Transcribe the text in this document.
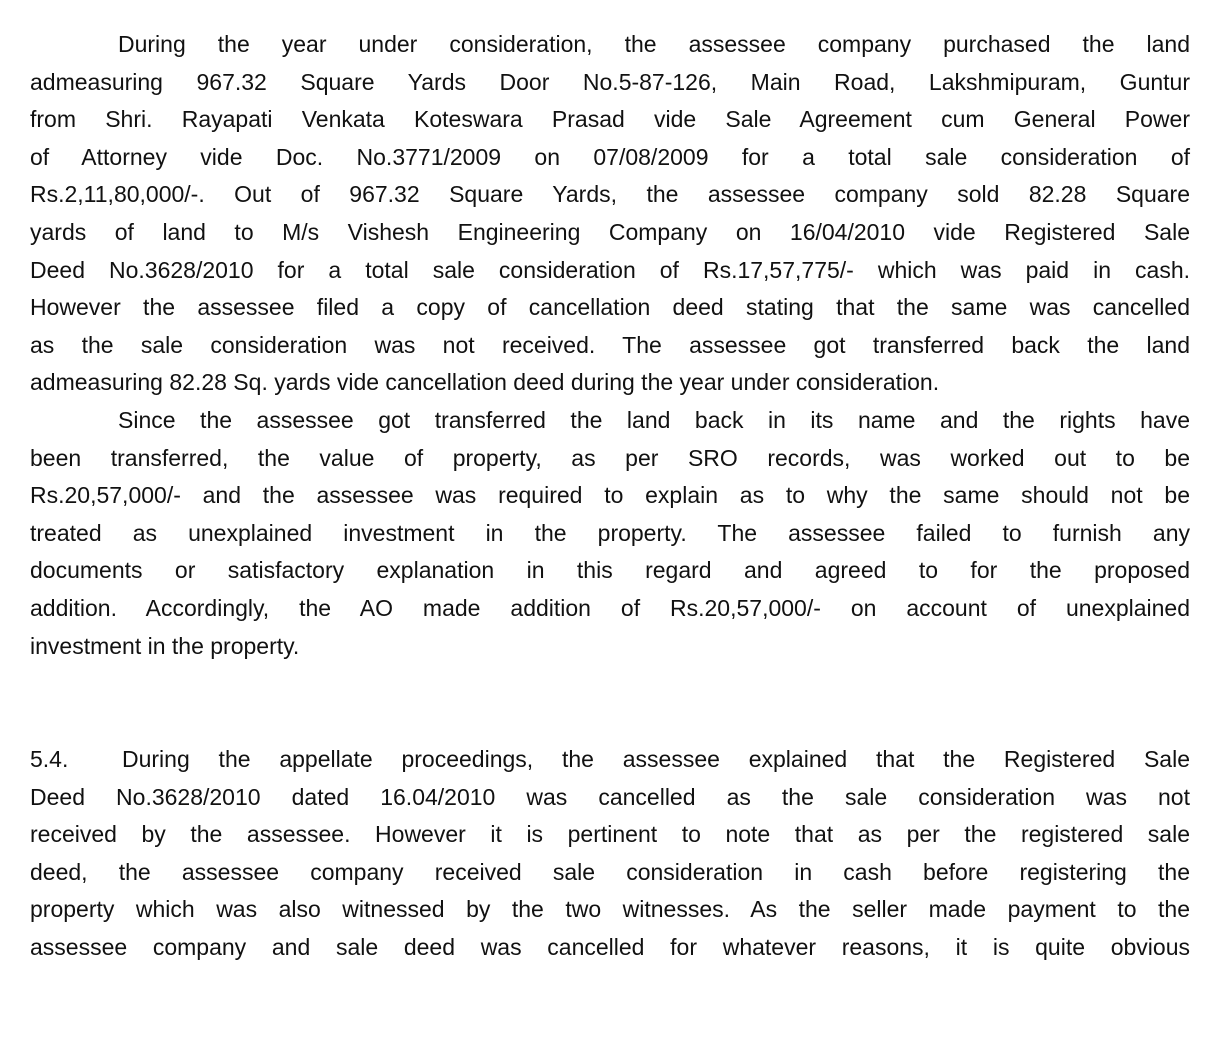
During the year under consideration, the assessee company purchased the land
admeasuring 967.32 Square Yards Door No.5-87-126, Main Road, Lakshmipuram, Guntur
from Shri. Rayapati Venkata Koteswara Prasad vide Sale Agreement cum General Power
of Attorney vide Doc. No.3771/2009 on 07/08/2009 for a total sale consideration of
Rs.2,11,80,000/-. Out of 967.32 Square Yards, the assessee company sold 82.28 Square
yards of land to M/s Vishesh Engineering Company on 16/04/2010 vide Registered Sale
Deed No.3628/2010 for a total sale consideration of Rs.17,57,775/- which was paid in cash.
However the assessee filed a copy of cancellation deed stating that the same was cancelled
as the sale consideration was not received. The assessee got transferred back the land
admeasuring 82.28 Sq. yards vide cancellation deed during the year under consideration.
Since the assessee got transferred the land back in its name and the rights have
been transferred, the value of property, as per SRO records, was worked out to be
Rs.20,57,000/- and the assessee was required to explain as to why the same should not be
treated as unexplained investment in the property. The assessee failed to furnish any
documents or satisfactory explanation in this regard and agreed to for the proposed
addition. Accordingly, the AO made addition of Rs.20,57,000/- on account of unexplained
investment in the property.
5.4.	During the appellate proceedings, the assessee explained that the Registered Sale
Deed No.3628/2010 dated 16.04/2010 was cancelled as the sale consideration was not
received by the assessee. However it is pertinent to note that as per the registered sale
deed, the assessee company received sale consideration in cash before registering the
property which was also witnessed by the two witnesses. As the seller made payment to the
assessee company and sale deed was cancelled for whatever reasons, it is quite obvious
